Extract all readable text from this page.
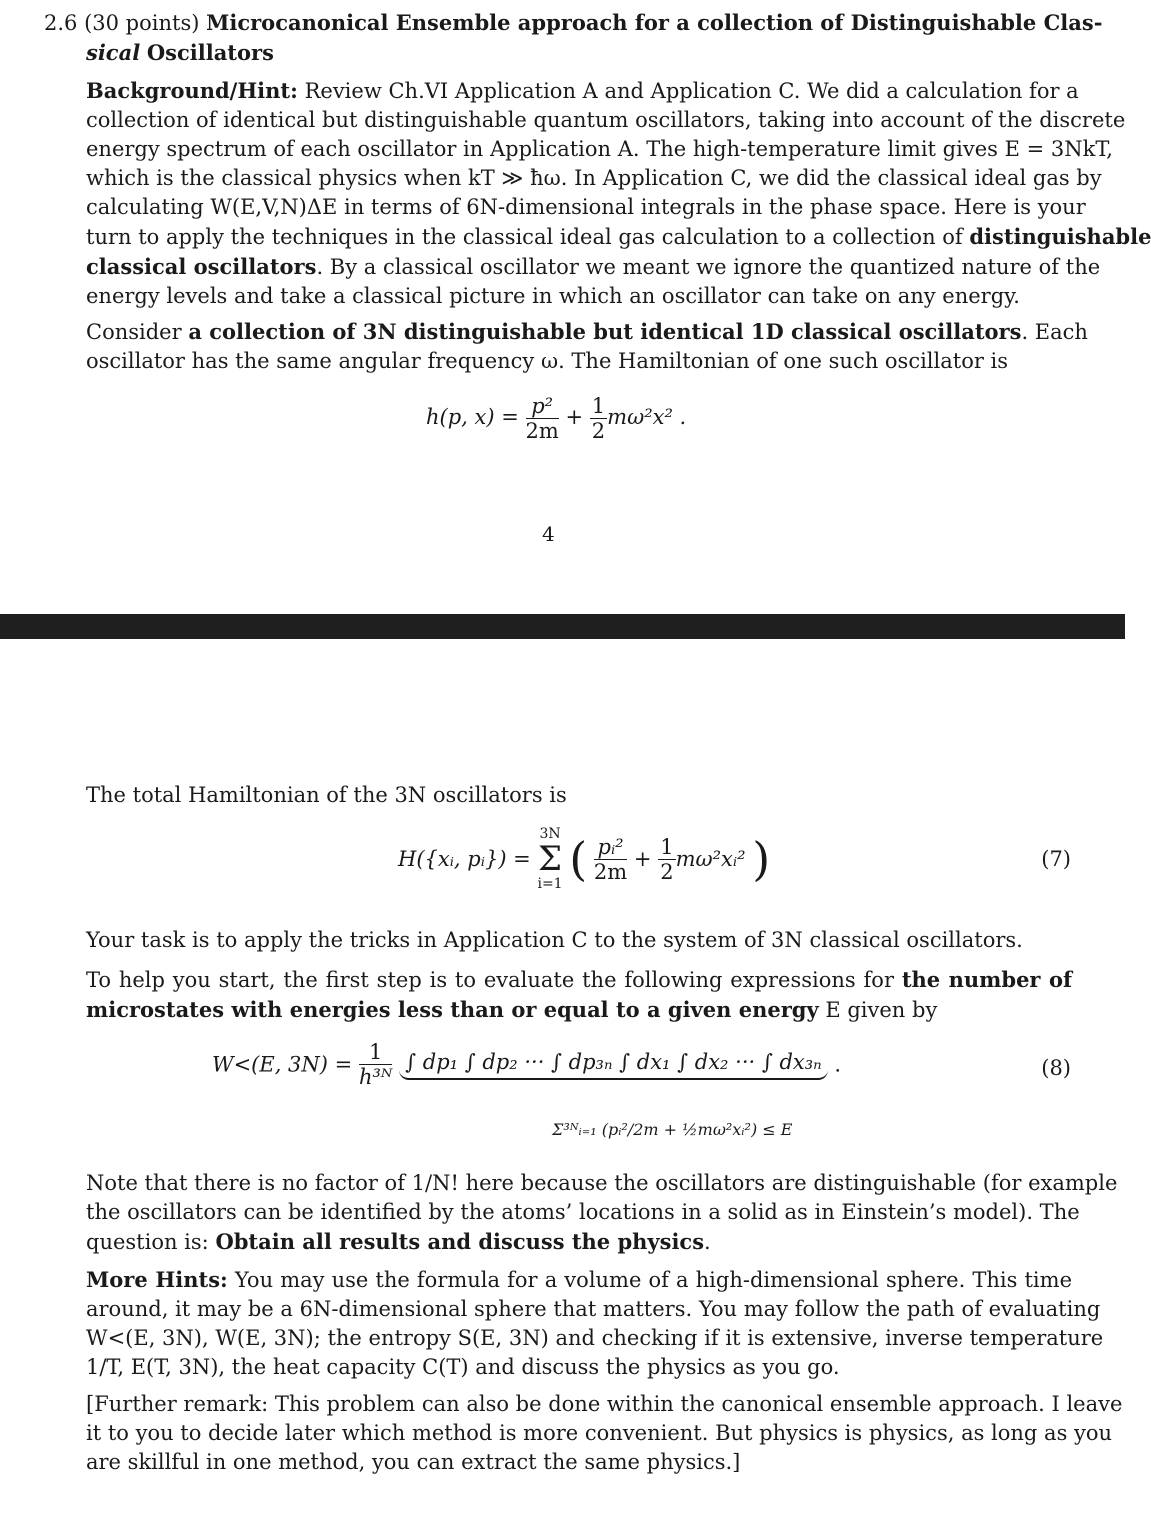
2.6 (30 points) Microcanonical Ensemble approach for a collection of Distinguishable Clas-
sical Oscillators
Background/Hint: Review Ch.VI Application A and Application C. We did a calculation for a
collection of identical but distinguishable quantum oscillators, taking into account of the discrete
energy spectrum of each oscillator in Application A. The high-temperature limit gives E = 3NkT,
which is the classical physics when kT ≫ ħω. In Application C, we did the classical ideal gas by
calculating W(E,V,N)ΔE in terms of 6N-dimensional integrals in the phase space. Here is your
turn to apply the techniques in the classical ideal gas calculation to a collection of distinguishable
classical oscillators. By a classical oscillator we meant we ignore the quantized nature of the
energy levels and take a classical picture in which an oscillator can take on any energy.
Consider a collection of 3N distinguishable but identical 1D classical oscillators. Each
oscillator has the same angular frequency ω. The Hamiltonian of one such oscillator is
h(p, $x) = \frac{\text{p²}}{2m} + \frac{1}{2} m\omega^2x^2$ .
4
The total Hamiltonian of the 3N oscillators is
H({xᵢ, pᵢ}) =
3N
Σ
i=1 ( $\frac{\text{pᵢ²}}{2m} + \frac{1}{2}$ mω²xᵢ² )	(7)
Your task is to apply the tricks in Application C to the system of 3N classical oscillators.
To help you start, the first step is to evaluate the following expressions for the number of
microstates with energies less than or equal to a given energy E given by
W<(E, $3N) = \frac{1}{\text{h³ᴺ}}$ ∫ dp₁ ∫ dp₂ ··· ∫ dp₃ₙ ∫ dx₁ ∫ dx₂ ··· ∫ dx₃ₙ .
Σ³ᴺᵢ₌₁ (pᵢ²/2m + ½mω²xᵢ²) ≤ E
(8)
Note that there is no factor of 1/N! here because the oscillators are distinguishable (for example
the oscillators can be identified by the atoms’ locations in a solid as in Einstein’s model). The
question is: Obtain all results and discuss the physics.
More Hints: You may use the formula for a volume of a high-dimensional sphere. This time
around, it may be a 6N-dimensional sphere that matters. You may follow the path of evaluating
W<(E, 3N), W(E, 3N); the entropy S(E, 3N) and checking if it is extensive, inverse temperature
1/T, E(T, 3N), the heat capacity C(T) and discuss the physics as you go.
[Further remark: This problem can also be done within the canonical ensemble approach. I leave
it to you to decide later which method is more convenient. But physics is physics, as long as you
are skillful in one method, you can extract the same physics.]
